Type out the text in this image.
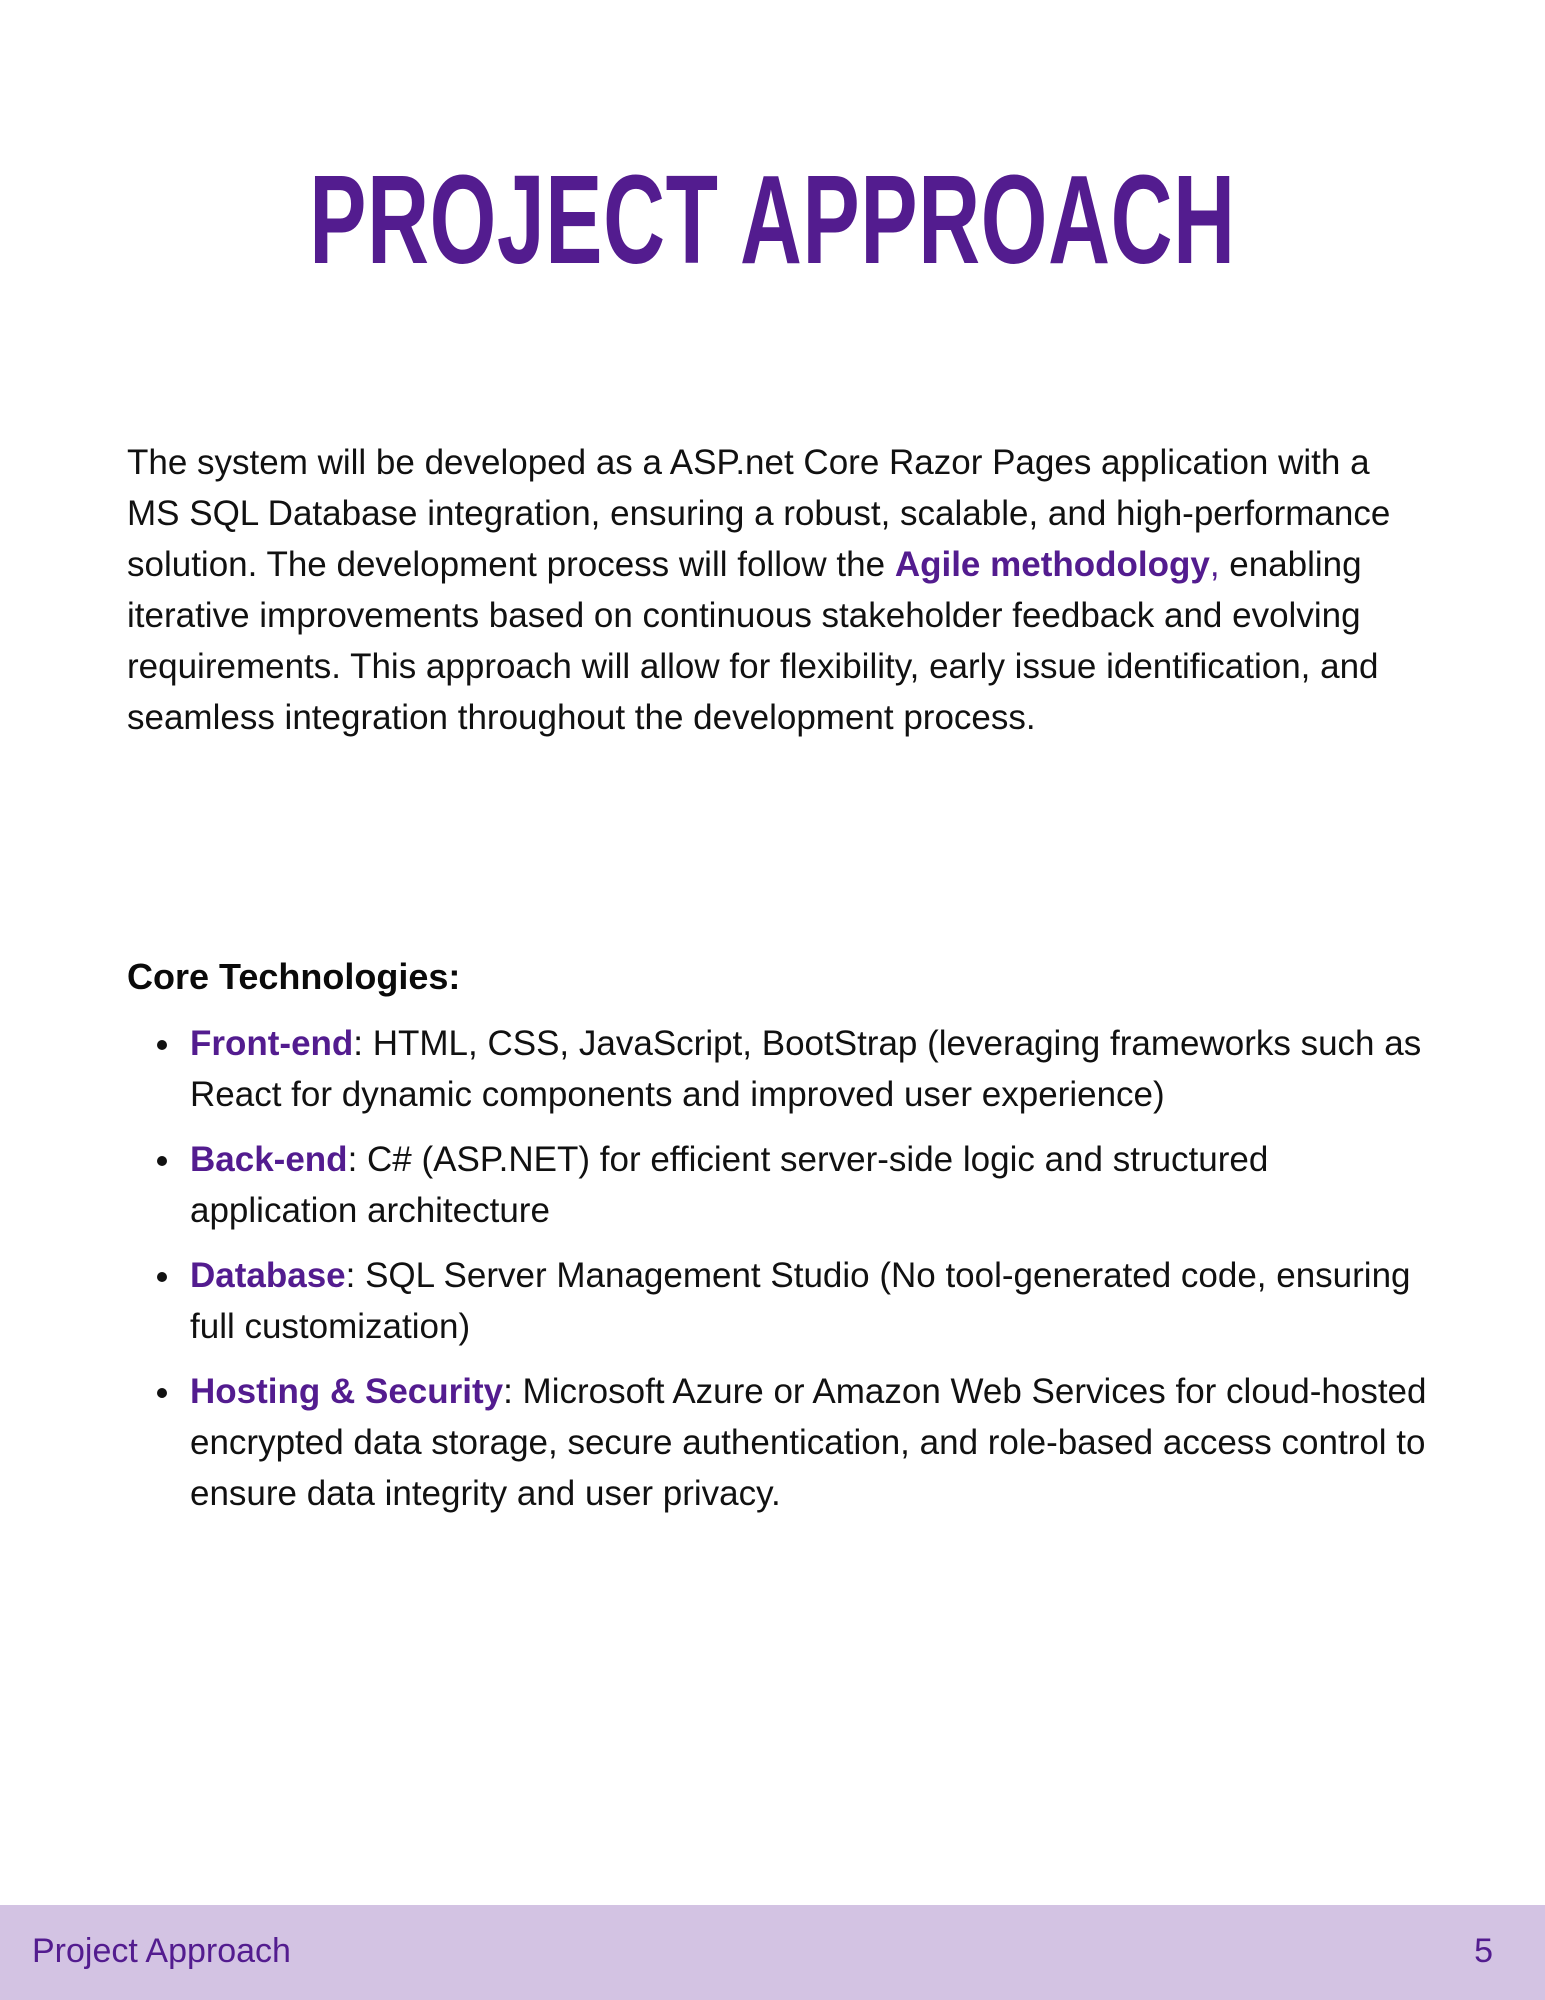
PROJECT APPROACH

The system will be developed as a ASP.net Core Razor Pages application with a MS SQL Database integration, ensuring a robust, scalable, and high-performance solution. The development process will follow the Agile methodology, enabling iterative improvements based on continuous stakeholder feedback and evolving requirements. This approach will allow for flexibility, early issue identification, and seamless integration throughout the development process.

Core Technologies:
Front-end: HTML, CSS, JavaScript, BootStrap (leveraging frameworks such as React for dynamic components and improved user experience)
Back-end: C# (ASP.NET) for efficient server-side logic and structured application architecture
Database: SQL Server Management Studio (No tool-generated code, ensuring full customization)
Hosting & Security: Microsoft Azure or Amazon Web Services for cloud-hosted encrypted data storage, secure authentication, and role-based access control to ensure data integrity and user privacy.
Project Approach	5
